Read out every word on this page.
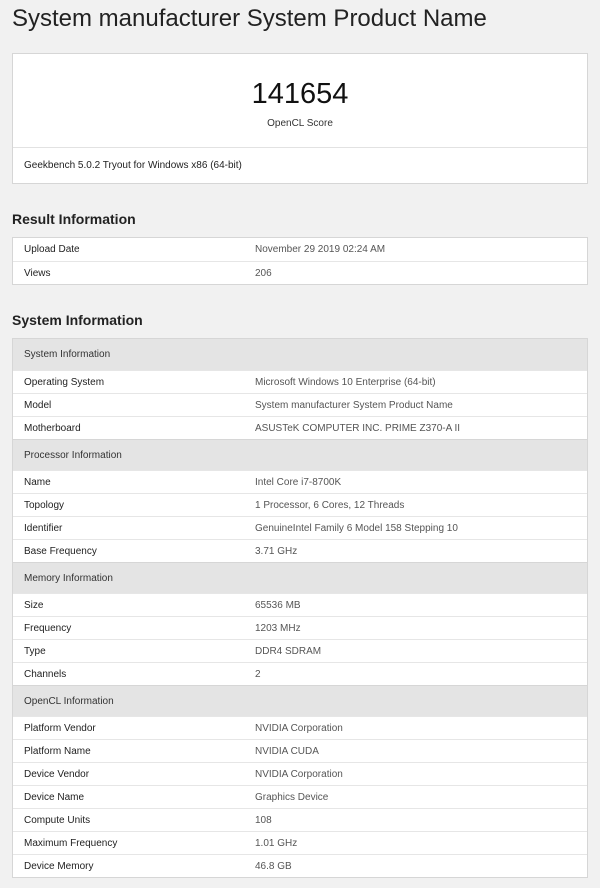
System manufacturer System Product Name
141654
OpenCL Score
Geekbench 5.0.2 Tryout for Windows x86 (64-bit)
Result Information
Upload Date	November 29 2019 02:24 AM
Views	206
System Information
System Information
Operating System	Microsoft Windows 10 Enterprise (64-bit)
Model	System manufacturer System Product Name
Motherboard	ASUSTeK COMPUTER INC. PRIME Z370-A II
Processor Information
Name	Intel Core i7-8700K
Topology	1 Processor, 6 Cores, 12 Threads
Identifier	GenuineIntel Family 6 Model 158 Stepping 10
Base Frequency	3.71 GHz
Memory Information
Size	65536 MB
Frequency	1203 MHz
Type	DDR4 SDRAM
Channels	2
OpenCL Information
Platform Vendor	NVIDIA Corporation
Platform Name	NVIDIA CUDA
Device Vendor	NVIDIA Corporation
Device Name	Graphics Device
Compute Units	108
Maximum Frequency	1.01 GHz
Device Memory	46.8 GB
